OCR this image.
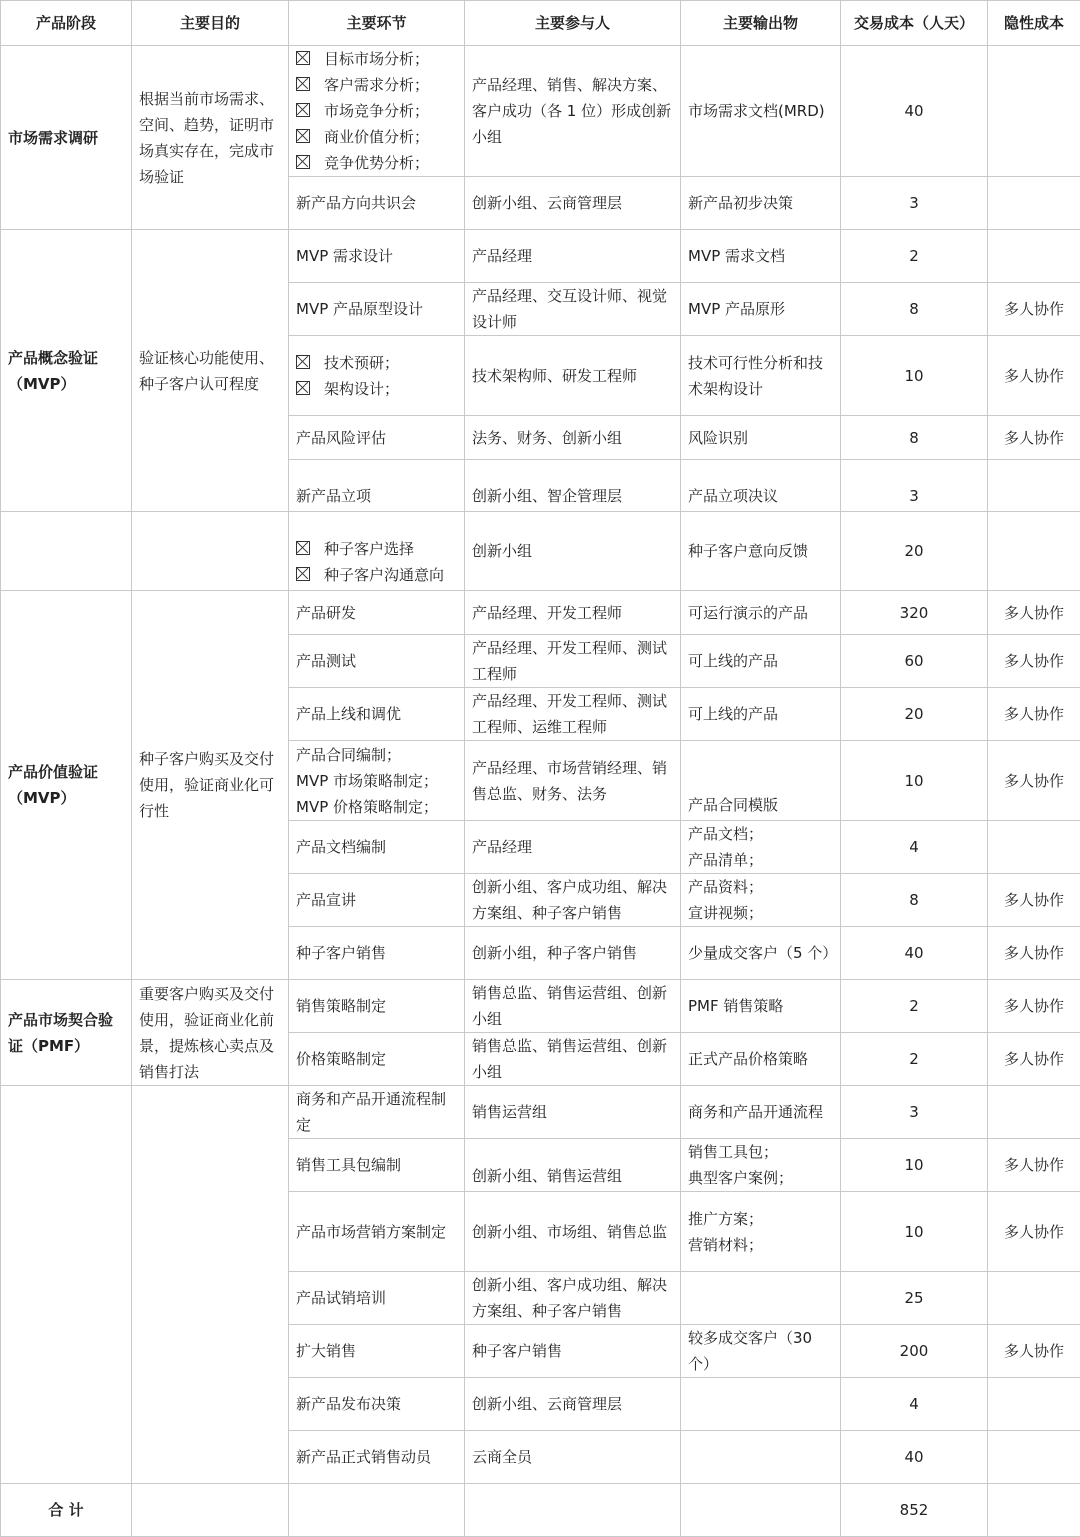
产品阶段	主要目的	主要环节	主要参与人	主要输出物	交易成本（人天）	隐性成本
市场需求调研	根据当前市场需求、空间、趋势，证明市场真实存在，完成市场验证	目标市场分析；
客户需求分析；
市场竞争分析；
商业价值分析；
竞争优势分析；	产品经理、销售、解决方案、客户成功（各 1 位）形成创新小组	市场需求文档(MRD)	40	
		新产品方向共识会	创新小组、云商管理层	新产品初步决策	3	
产品概念验证（MVP）	验证核心功能使用、种子客户认可程度	MVP 需求设计	产品经理	MVP 需求文档	2	
		MVP 产品原型设计	产品经理、交互设计师、视觉设计师	MVP 产品原形	8	多人协作

		技术预研；
架构设计；	技术架构师、研发工程师	技术可行性分析和技术架构设计	10	多人协作
		产品风险评估	法务、财务、创新小组	风险识别	8	多人协作
		新产品立项	创新小组、智企管理层	产品立项决议	3	

		种子客户选择
种子客户沟通意向	创新小组	种子客户意向反馈	20	
产品价值验证（MVP）	种子客户购买及交付使用，验证商业化可行性	产品研发	产品经理、开发工程师	可运行演示的产品	320	多人协作
		产品测试	产品经理、开发工程师、测试工程师	可上线的产品	60	多人协作
		产品上线和调优	产品经理、开发工程师、测试工程师、运维工程师	可上线的产品	20	多人协作

		产品合同编制；
MVP 市场策略制定；
MVP 价格策略制定；	产品经理、市场营销经理、销售总监、财务、法务	产品合同模版	10	多人协作
		产品文档编制	产品经理	产品文档；
产品清单；	4	
		产品宣讲	创新小组、客户成功组、解决方案组、种子客户销售	产品资料；
宣讲视频；	8	多人协作
		种子客户销售	创新小组，种子客户销售	少量成交客户（5 个）	40	多人协作
产品市场契合验证（PMF）	重要客户购买及交付使用，验证商业化前景，提炼核心卖点及销售打法	销售策略制定	销售总监、销售运营组、创新小组	PMF 销售策略	2	多人协作
		价格策略制定	销售总监、销售运营组、创新小组	正式产品价格策略	2	多人协作
		商务和产品开通流程制定	销售运营组	商务和产品开通流程	3	
		销售工具包编制	创新小组、销售运营组	销售工具包；
典型客户案例；	10	多人协作
		产品市场营销方案制定	创新小组、市场组、销售总监	推广方案；
营销材料；	10	多人协作
		产品试销培训	创新小组、客户成功组、解决方案组、种子客户销售		25	
		扩大销售	种子客户销售	较多成交客户（30 个）	200	多人协作
		新产品发布决策	创新小组、云商管理层		4	
		新产品正式销售动员	云商全员		40	
合 计					852	
